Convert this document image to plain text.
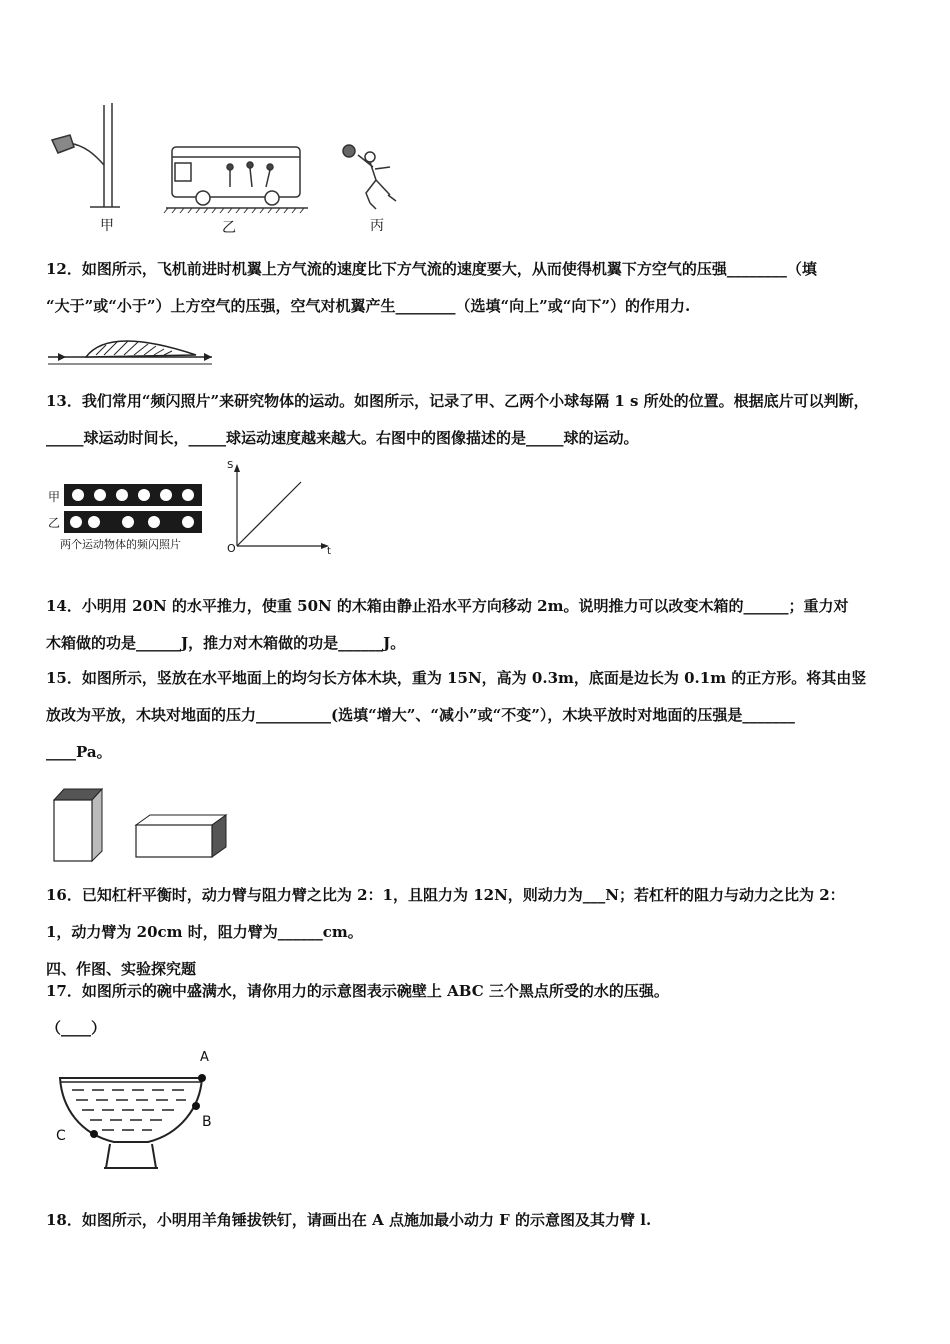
甲	乙	丙

12．如图所示，飞机前进时机翼上方气流的速度比下方气流的速度要大，从而使得机翼下方空气的压强________（填

“大于”或“小于”）上方空气的压强，空气对机翼产生________（选填“向上”或“向下”）的作用力.

13．我们常用“频闪照片”来研究物体的运动。如图所示，记录了甲、乙两个小球每隔 1 s 所处的位置。根据底片可以判断，

_____球运动时间长，_____球运动速度越来越大。右图中的图像描述的是_____球的运动。

甲
乙
两个运动物体的频闪照片
S
t
O

14．小明用 20N 的水平推力，使重 50N 的木箱由静止沿水平方向移动 2m。说明推力可以改变木箱的______；重力对

木箱做的功是______J，推力对木箱做的功是______J。

15．如图所示，竖放在水平地面上的均匀长方体木块，重为 15N，高为 0.3m，底面是边长为 0.1m 的正方形。将其由竖

放改为平放，木块对地面的压力__________(选填“增大”、“减小”或“不变”），木块平放时对地面的压强是_______

____Pa。

16．已知杠杆平衡时，动力臂与阻力臂之比为 2：1，且阻力为 12N，则动力为___N；若杠杆的阻力与动力之比为 2：

1，动力臂为 20cm 时，阻力臂为______cm。

四、作图、实验探究题

17．如图所示的碗中盛满水，请你用力的示意图表示碗壁上 ABC 三个黑点所受的水的压强。

（____）

A
B
C

18．如图所示，小明用羊角锤拔铁钉，请画出在 A 点施加最小动力 F 的示意图及其力臂 l.
